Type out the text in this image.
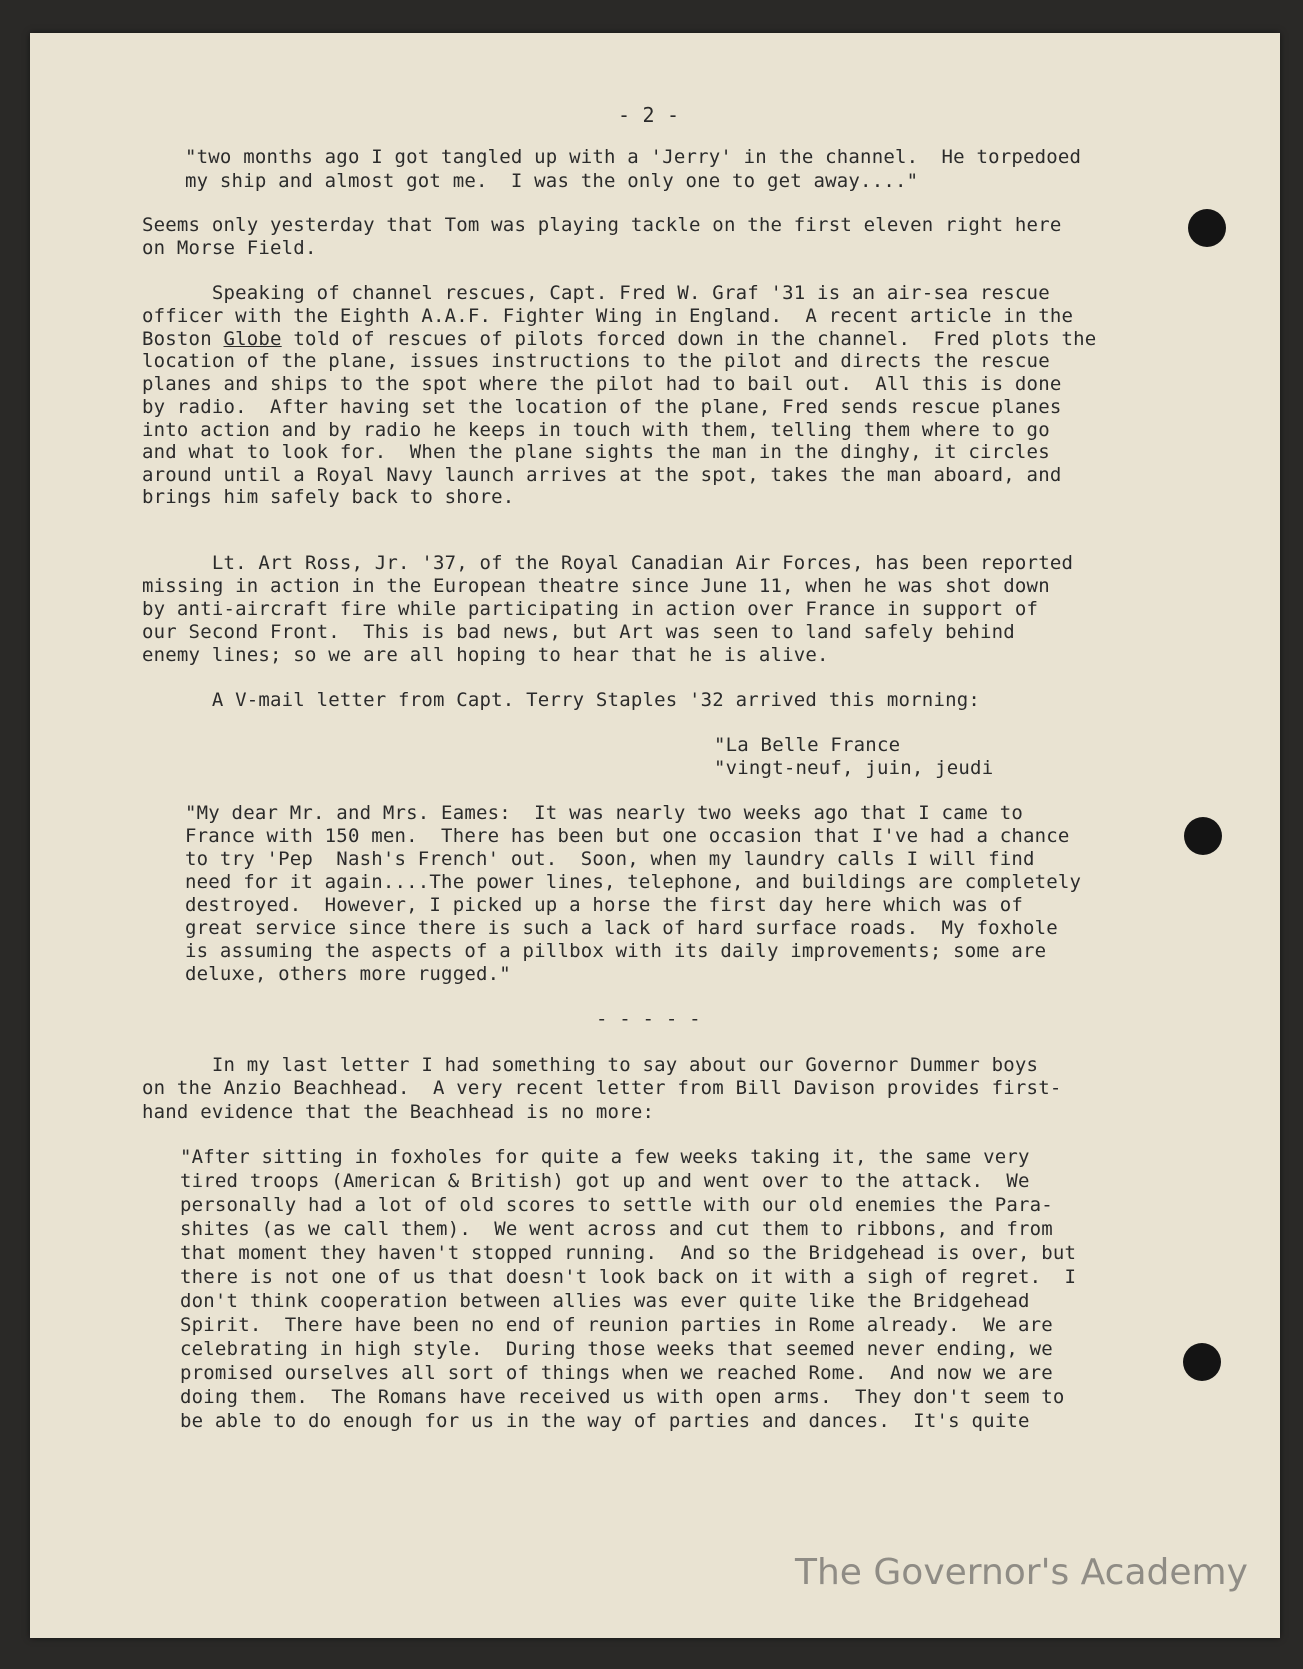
- 2 -
"two months ago I got tangled up with a 'Jerry' in the channel.  He torpedoed
my ship and almost got me.  I was the only one to get away...."
Seems only yesterday that Tom was playing tackle on the first eleven right here
on Morse Field.
Speaking of channel rescues, Capt. Fred W. Graf '31 is an air-sea rescue
officer with the Eighth A.A.F. Fighter Wing in England.  A recent article in the
Boston Globe told of rescues of pilots forced down in the channel.  Fred plots the
location of the plane, issues instructions to the pilot and directs the rescue
planes and ships to the spot where the pilot had to bail out.  All this is done
by radio.  After having set the location of the plane, Fred sends rescue planes
into action and by radio he keeps in touch with them, telling them where to go
and what to look for.  When the plane sights the man in the dinghy, it circles
around until a Royal Navy launch arrives at the spot, takes the man aboard, and
brings him safely back to shore.
Lt. Art Ross, Jr. '37, of the Royal Canadian Air Forces, has been reported
missing in action in the European theatre since June 11, when he was shot down
by anti-aircraft fire while participating in action over France in support of
our Second Front.  This is bad news, but Art was seen to land safely behind
enemy lines; so we are all hoping to hear that he is alive.
A V-mail letter from Capt. Terry Staples '32 arrived this morning:
"La Belle France
"vingt-neuf, juin, jeudi
"My dear Mr. and Mrs. Eames:  It was nearly two weeks ago that I came to
France with 150 men.  There has been but one occasion that I've had a chance
to try 'Pep  Nash's French' out.  Soon, when my laundry calls I will find
need for it again....The power lines, telephone, and buildings are completely
destroyed.  However, I picked up a horse the first day here which was of
great service since there is such a lack of hard surface roads.  My foxhole
is assuming the aspects of a pillbox with its daily improvements; some are
deluxe, others more rugged."
- - - - -
In my last letter I had something to say about our Governor Dummer boys
on the Anzio Beachhead.  A very recent letter from Bill Davison provides first-
hand evidence that the Beachhead is no more:
"After sitting in foxholes for quite a few weeks taking it, the same very
tired troops (American & British) got up and went over to the attack.  We
personally had a lot of old scores to settle with our old enemies the Para-
shites (as we call them).  We went across and cut them to ribbons, and from
that moment they haven't stopped running.  And so the Bridgehead is over, but
there is not one of us that doesn't look back on it with a sigh of regret.  I
don't think cooperation between allies was ever quite like the Bridgehead
Spirit.  There have been no end of reunion parties in Rome already.  We are
celebrating in high style.  During those weeks that seemed never ending, we
promised ourselves all sort of things when we reached Rome.  And now we are
doing them.  The Romans have received us with open arms.  They don't seem to
be able to do enough for us in the way of parties and dances.  It's quite
The Governor's Academy
